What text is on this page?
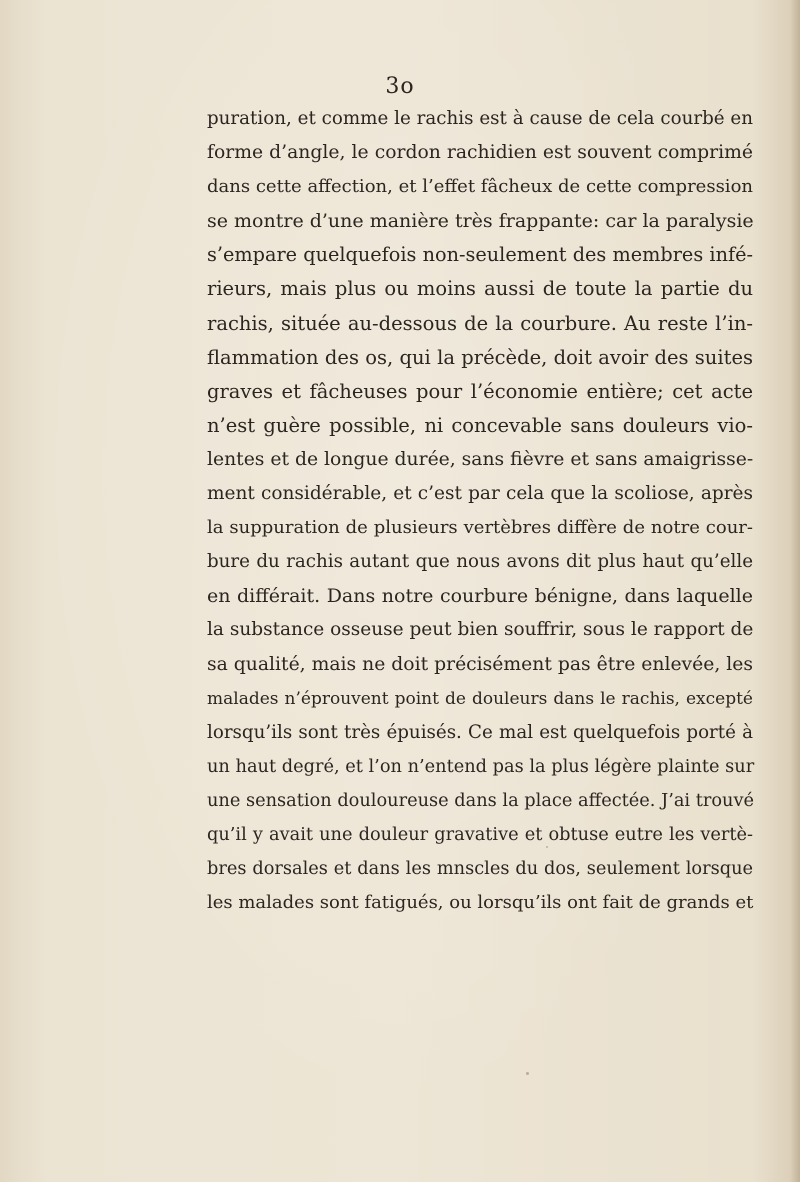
3o
puration, et comme le rachis est à cause de cela courbé en
forme d’angle, le cordon rachidien est souvent comprimé
dans cette affection, et l’effet fâcheux de cette compression
se montre d’une manière très frappante: car la paralysie
s’empare quelquefois non-seulement des membres infé-
rieurs, mais plus ou moins aussi de toute la partie du
rachis, située au-dessous de la courbure. Au reste l’in-
flammation des os, qui la précède, doit avoir des suites
graves et fâcheuses pour l’économie entière; cet acte
n’est guère possible, ni concevable sans douleurs vio-
lentes et de longue durée, sans fièvre et sans amaigrisse-
ment considérable, et c’est par cela que la scoliose, après
la suppuration de plusieurs vertèbres diffère de notre cour-
bure du rachis autant que nous avons dit plus haut qu’elle
en différait. Dans notre courbure bénigne, dans laquelle
la substance osseuse peut bien souffrir, sous le rapport de
sa qualité, mais ne doit précisément pas être enlevée, les
malades n’éprouvent point de douleurs dans le rachis, excepté
lorsqu’ils sont très épuisés. Ce mal est quelquefois porté à
un haut degré, et l’on n’entend pas la plus légère plainte sur
une sensation douloureuse dans la place affectée. J’ai trouvé
qu’il y avait une douleur gravative et obtuse eutre les vertè-
bres dorsales et dans les mnscles du dos, seulement lorsque
les malades sont fatigués, ou lorsqu’ils ont fait de grands et
